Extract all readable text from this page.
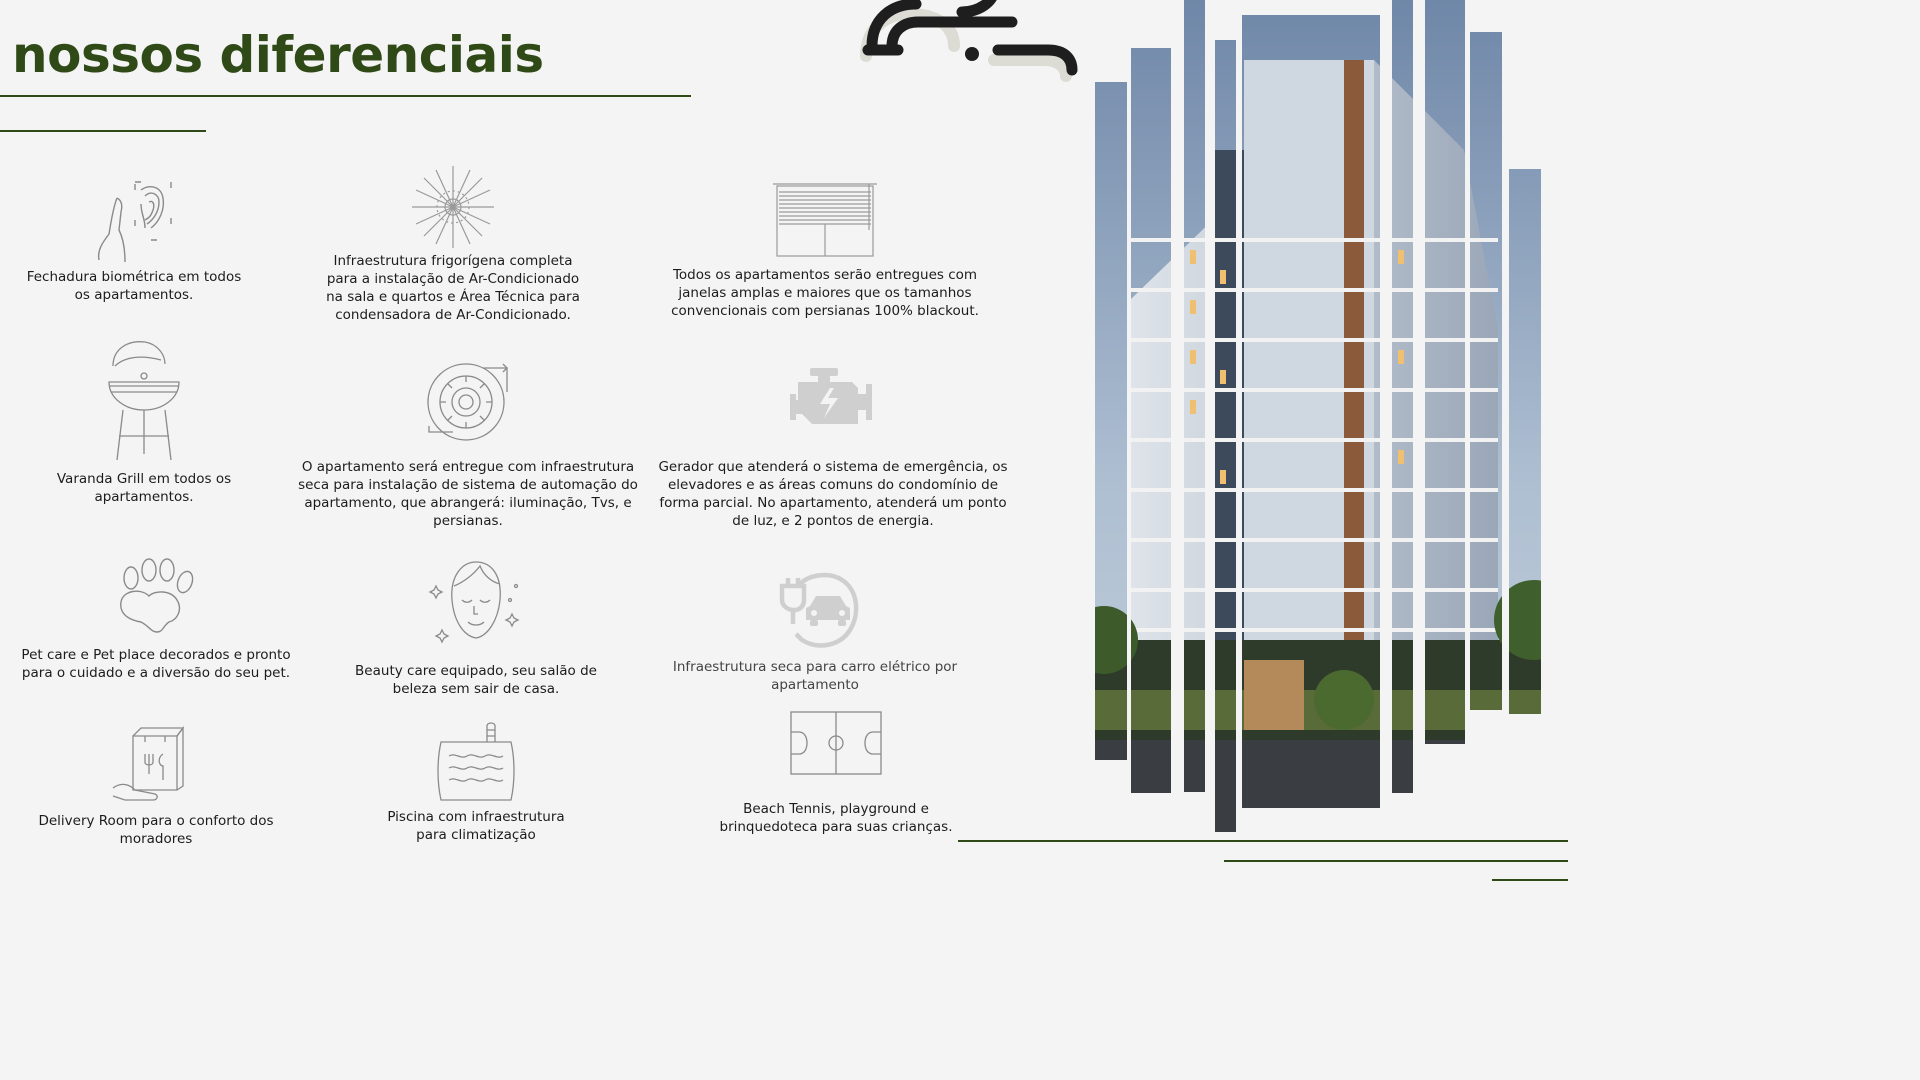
nossos diferenciais
Fechadura biométrica em todos os apartamentos.
Infraestrutura frigorígena completa para a instalação de Ar-Condicionado na sala e quartos e Área Técnica para condensadora de Ar-Condicionado.
Todos os apartamentos serão entregues com janelas amplas e maiores que os tamanhos convencionais com persianas 100% blackout.
Varanda Grill em todos os apartamentos.
O apartamento será entregue com infraestrutura seca para instalação de sistema de automação do apartamento, que abrangerá: iluminação, Tvs, e persianas.
Gerador que atenderá o sistema de emergência, os elevadores e as áreas comuns do condomínio de forma parcial. No apartamento, atenderá um ponto de luz, e 2 pontos de energia.
Pet care e Pet place decorados e pronto para o cuidado e a diversão do seu pet.	Beauty care equipado, seu salão de beleza sem sair de casa.
Infraestrutura seca para carro elétrico por apartamento
Delivery Room para o conforto dos moradores
Piscina com infraestrutura para climatização
Beach Tennis, playground e brinquedoteca para suas crianças.
